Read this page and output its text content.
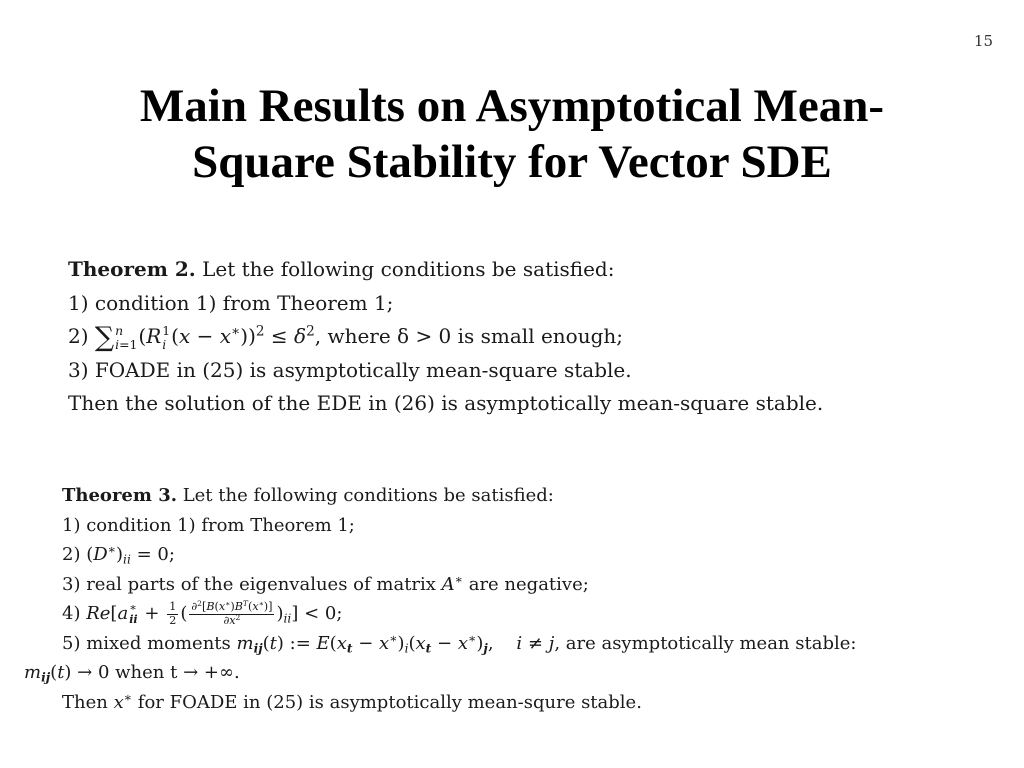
15
Main Results on Asymptotical Mean-
Square Stability for Vector SDE
Theorem 2. Let the following conditions be satisfied:
1) condition 1) from Theorem 1;
2) ∑ n
i=1 (R 1
i $(x - x^∗))^2 \le \delta^2$, where δ > 0 is small enough;
3) FOADE in (25) is asymptotically mean-square stable.
Then the solution of the EDE in (26) is asymptotically mean-square stable.
Theorem 3. Let the following conditions be satisfied:
1) condition 1) from Theorem 1;
2) $(D^∗)_{ii} = 0$;
3) real parts of the eigenvalues of matrix A∗ are negative;
4) Re[a ∗
ii + $\frac{1}{2}$ ( $\frac{\partial^2[B(x^∗)B^T(x^∗)]}{\partial x^2} )_{ii}] < 0$;
5) mixed moments $m_{ij}(t)$ := $E(x_t - x^∗)_i(x_t - x^∗)_j$,    i ≠ j, are asymptotically mean stable:
$m_{ij}(t) \to 0$ when t → +∞.
Then x∗ for FOADE in (25) is asymptotically mean-squre stable.
